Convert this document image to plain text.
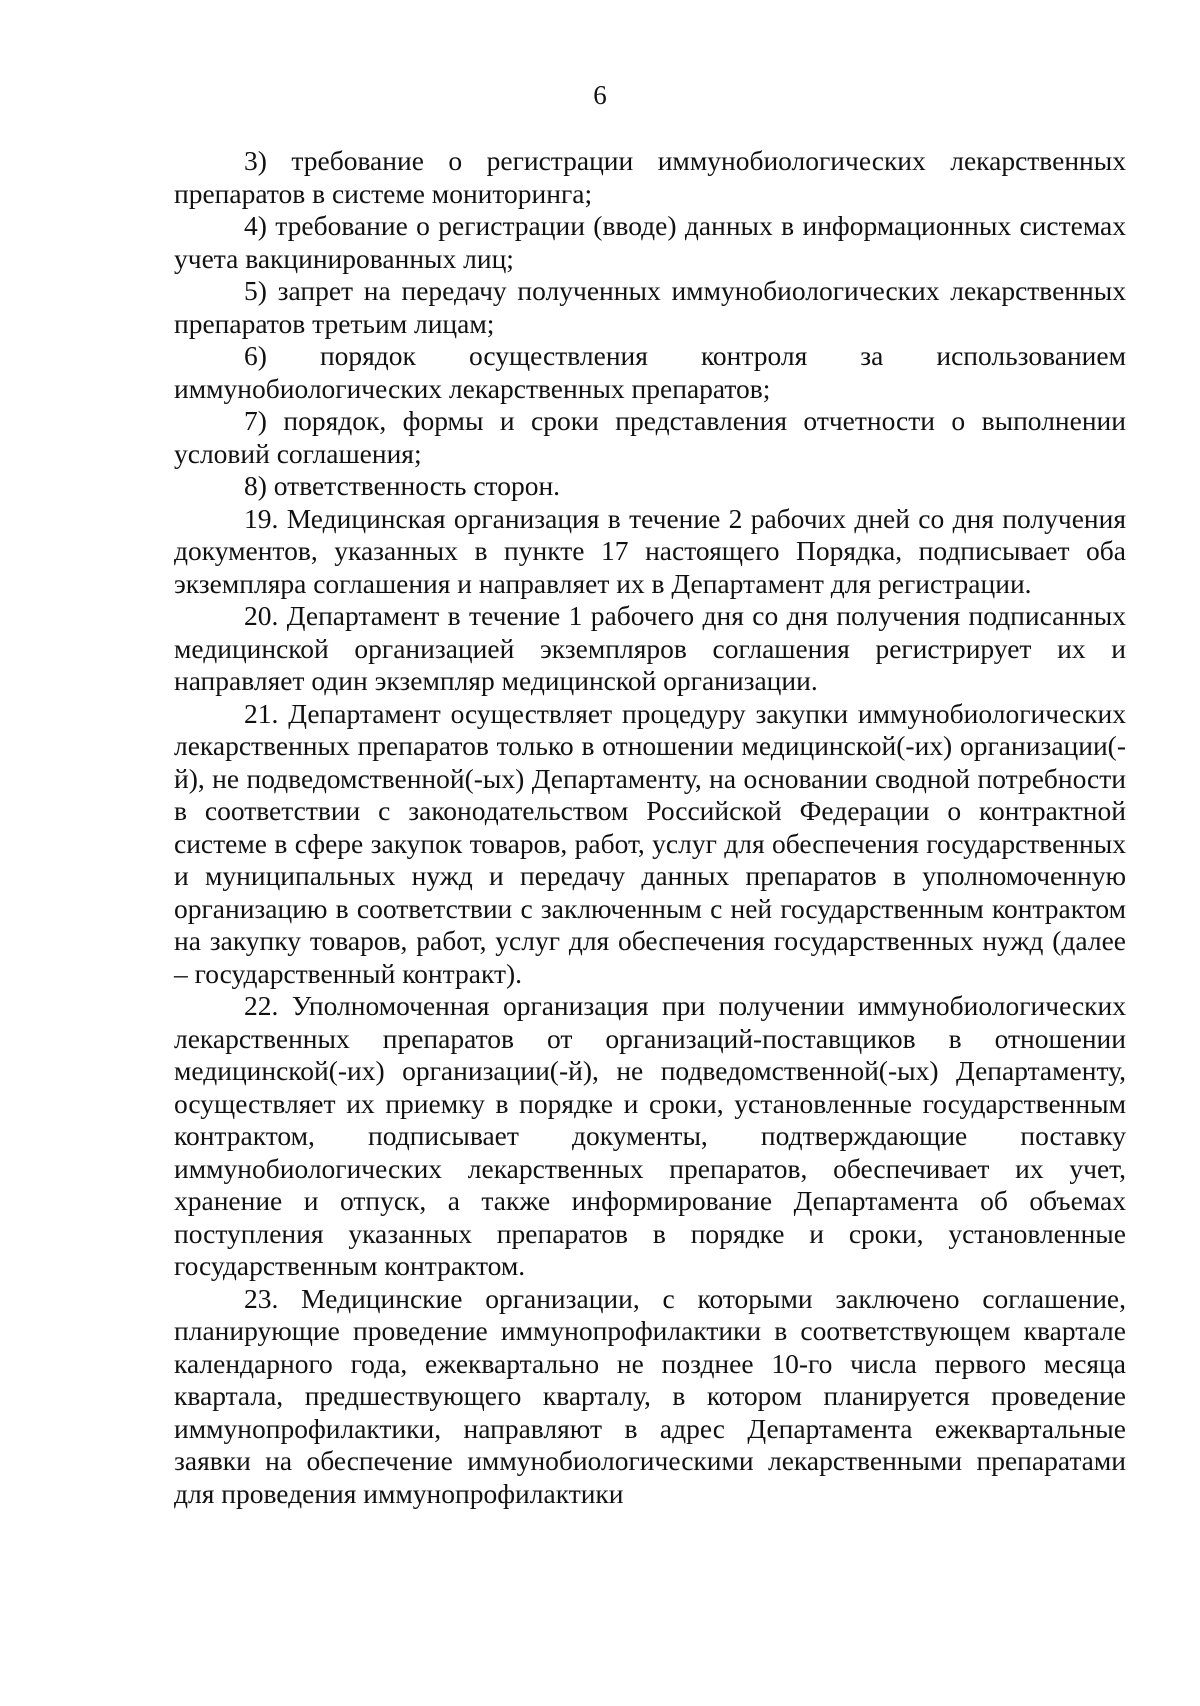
6

3) требование о регистрации иммунобиологических лекарственных препаратов в системе мониторинга;

4) требование о регистрации (вводе) данных в информационных системах учета вакцинированных лиц;

5) запрет на передачу полученных иммунобиологических лекарственных препаратов третьим лицам;

6) порядок осуществления контроля за использованием иммунобиологических лекарственных препаратов;

7) порядок, формы и сроки представления отчетности о выполнении условий соглашения;

8) ответственность сторон.

19. Медицинская организация в течение 2 рабочих дней со дня получения документов, указанных в пункте 17 настоящего Порядка, подписывает оба экземпляра соглашения и направляет их в Департамент для регистрации.

20. Департамент в течение 1 рабочего дня со дня получения подписанных медицинской организацией экземпляров соглашения регистрирует их и направляет один экземпляр медицинской организации.

21. Департамент осуществляет процедуру закупки иммунобиологических лекарственных препаратов только в отношении медицинской(-их) организации(-й), не подведомственной(-ых) Департаменту, на основании сводной потребности в соответствии с законодательством Российской Федерации о контрактной системе в сфере закупок товаров, работ, услуг для обеспечения государственных и муниципальных нужд и передачу данных препаратов в уполномоченную организацию в соответствии с заключенным с ней государственным контрактом на закупку товаров, работ, услуг для обеспечения государственных нужд (далее – государственный контракт).

22. Уполномоченная организация при получении иммунобиологических лекарственных препаратов от организаций-поставщиков в отношении медицинской(-их) организации(-й), не подведомственной(-ых) Департаменту, осуществляет их приемку в порядке и сроки, установленные государственным контрактом, подписывает документы, подтверждающие поставку иммунобиологических лекарственных препаратов, обеспечивает их учет, хранение и отпуск, а также информирование Департамента об объемах поступления указанных препаратов в порядке и сроки, установленные государственным контрактом.

23. Медицинские организации, с которыми заключено соглашение, планирующие проведение иммунопрофилактики в соответствующем квартале календарного года, ежеквартально не позднее 10-го числа первого месяца квартала, предшествующего кварталу, в котором планируется проведение иммунопрофилактики, направляют в адрес Департамента ежеквартальные заявки на обеспечение иммунобиологическими лекарственными препаратами для проведения иммунопрофилактики
